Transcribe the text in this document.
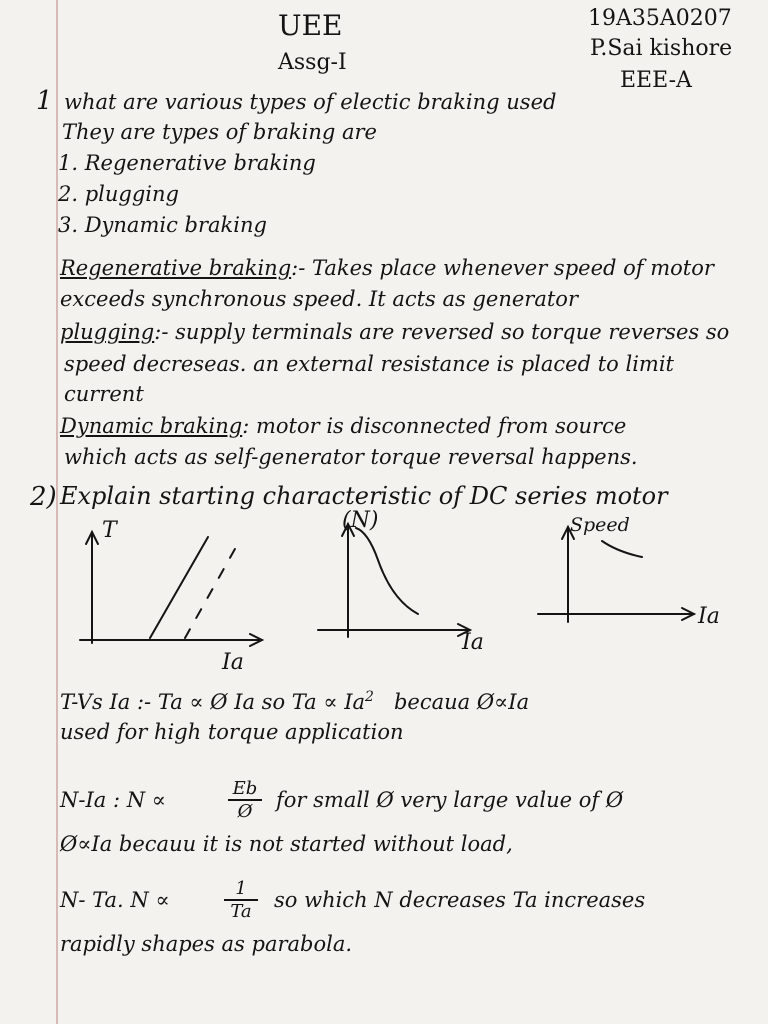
UEE
Assg-I
19A35A0207
P.Sai kishore
EEE-A
1 what are various types of electic braking used
They are types of braking are
1. Regenerative braking
2. plugging
3. Dynamic braking
Regenerative braking:- Takes place whenever speed of motor
exceeds synchronous speed. It acts as generator
plugging:- supply terminals are reversed so torque reverses so
speed decreseas. an external resistance is placed to limit
current
Dynamic braking: motor is disconnected from source
which acts as self-generator torque reversal happens.
2) Explain starting characteristic of DC series motor
T
Ia
(N)
Ia
Speed
Ia
T-Vs Ia :- Ta ∝ Ø Ia so $Ta \propto Ia^2$ becaua Ø∝Ia
used for high torque application
N-Ia : N ∝	$\frac{Eb}{Ø}$ for small Ø very large value of Ø
Ø∝Ia becauu it is not started without load,
N- Ta. N ∝	$\frac{1}{Ta}$ so which N decreases Ta increases
rapidly shapes as parabola.
